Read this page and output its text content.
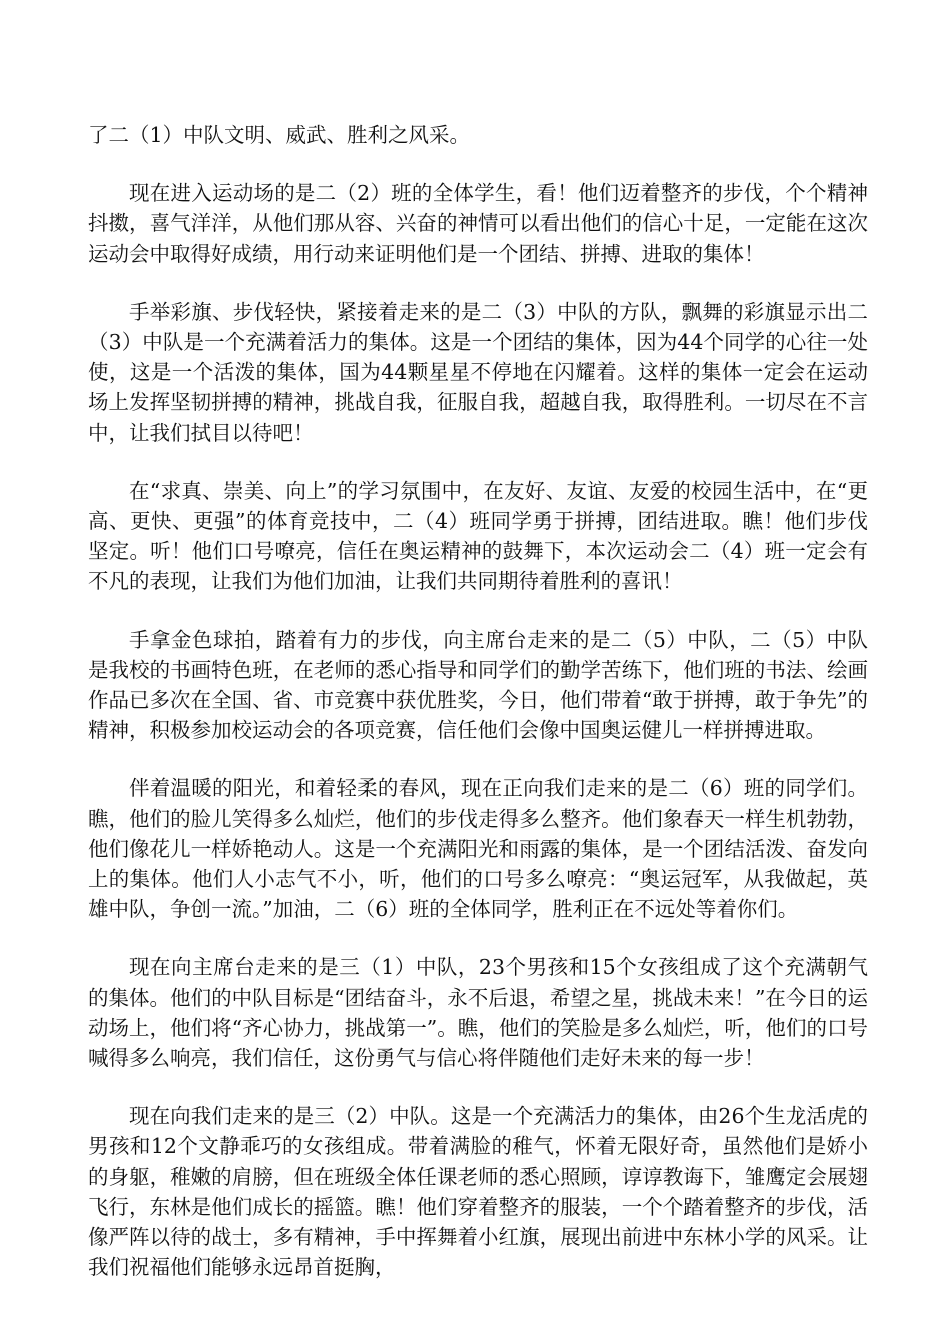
了二（1）中队文明、威武、胜利之风采。

现在进入运动场的是二（2）班的全体学生，看！他们迈着整齐的步伐，个个精神抖擞，喜气洋洋，从他们那从容、兴奋的神情可以看出他们的信心十足，一定能在这次运动会中取得好成绩，用行动来证明他们是一个团结、拼搏、进取的集体！

手举彩旗、步伐轻快，紧接着走来的是二（3）中队的方队，飘舞的彩旗显示出二（3）中队是一个充满着活力的集体。这是一个团结的集体，因为44个同学的心往一处使，这是一个活泼的集体，国为44颗星星不停地在闪耀着。这样的集体一定会在运动场上发挥坚韧拼搏的精神，挑战自我，征服自我，超越自我，取得胜利。一切尽在不言中，让我们拭目以待吧！

在“求真、崇美、向上”的学习氛围中，在友好、友谊、友爱的校园生活中，在“更高、更快、更强”的体育竞技中，二（4）班同学勇于拼搏，团结进取。瞧！他们步伐坚定。听！他们口号嘹亮，信任在奥运精神的鼓舞下，本次运动会二（4）班一定会有不凡的表现，让我们为他们加油，让我们共同期待着胜利的喜讯！

手拿金色球拍，踏着有力的步伐，向主席台走来的是二（5）中队，二（5）中队是我校的书画特色班，在老师的悉心指导和同学们的勤学苦练下，他们班的书法、绘画作品已多次在全国、省、市竞赛中获优胜奖，今日，他们带着“敢于拼搏，敢于争先”的精神，积极参加校运动会的各项竞赛，信任他们会像中国奥运健儿一样拼搏进取。

伴着温暖的阳光，和着轻柔的春风，现在正向我们走来的是二（6）班的同学们。瞧，他们的脸儿笑得多么灿烂，他们的步伐走得多么整齐。他们象春天一样生机勃勃，他们像花儿一样娇艳动人。这是一个充满阳光和雨露的集体，是一个团结活泼、奋发向上的集体。他们人小志气不小，听，他们的口号多么嘹亮：“奥运冠军，从我做起，英雄中队，争创一流。”加油，二（6）班的全体同学，胜利正在不远处等着你们。

现在向主席台走来的是三（1）中队，23个男孩和15个女孩组成了这个充满朝气的集体。他们的中队目标是“团结奋斗，永不后退，希望之星，挑战未来！”在今日的运动场上，他们将“齐心协力，挑战第一”。瞧，他们的笑脸是多么灿烂，听，他们的口号喊得多么响亮，我们信任，这份勇气与信心将伴随他们走好未来的每一步！

现在向我们走来的是三（2）中队。这是一个充满活力的集体，由26个生龙活虎的男孩和12个文静乖巧的女孩组成。带着满脸的稚气，怀着无限好奇，虽然他们是娇小的身躯，稚嫩的肩膀，但在班级全体任课老师的悉心照顾，谆谆教诲下，雏鹰定会展翅飞行，东林是他们成长的摇篮。瞧！他们穿着整齐的服装，一个个踏着整齐的步伐，活像严阵以待的战士，多有精神，手中挥舞着小红旗，展现出前进中东林小学的风采。让我们祝福他们能够永远昂首挺胸，
